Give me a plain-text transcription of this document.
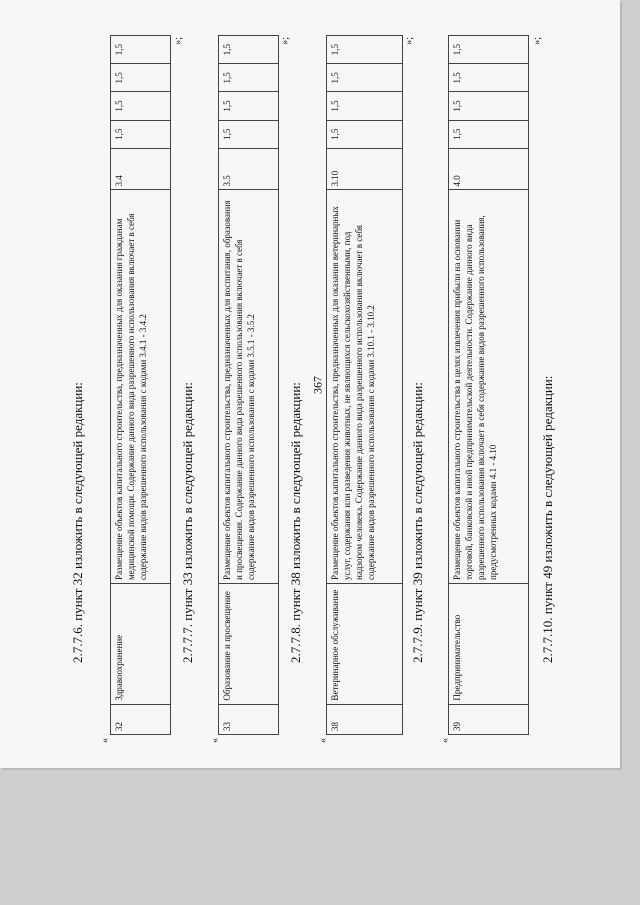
367
2.7.7.6. пункт 32 изложить в следующей редакции:
«
32	Здравоохранение	Размещение объектов капитального строительства, предназначенных для оказания гражданам медицинской помощи. Содержание данного вида разрешенного использования включает в себя содержание видов разрешенного использования с кодами 3.4.1 - 3.4.2	3.4	1,5	1,5	1,5	1,5
»;
2.7.7.7. пункт 33 изложить в следующей редакции:
«
33	Образование и просвещение	Размещение объектов капитального строительства, предназначенных для воспитания, образования и просвещения. Содержание данного вида разрешенного использования включает в себя содержание видов разрешенного использования с кодами 3.5.1 - 3.5.2	3.5	1,5	1,5	1,5	1,5
»;
2.7.7.8. пункт 38 изложить в следующей редакции:
«
38	Ветеринарное обслуживание	Размещение объектов капитального строительства, предназначенных для оказания ветеринарных услуг, содержания или разведения животных, не являющихся сельскохозяйственными, под надзором человека. Содержание данного вида разрешенного использования включает в себя содержание видов разрешенного использования с кодами 3.10.1 - 3.10.2	3.10	1,5	1,5	1,5	1,5
»;
2.7.7.9. пункт 39 изложить в следующей редакции:
«
39	Предпринимательство	Размещение объектов капитального строительства в целях извлечения прибыли на основании торговой, банковской и иной предпринимательской деятельности. Содержание данного вида разрешенного использования включает в себя содержание видов разрешенного использования, предусмотренных кодами 4.1 - 4.10	4.0	1,5	1,5	1,5	1,5
»;
2.7.7.10. пункт 49 изложить в следующей редакции:
